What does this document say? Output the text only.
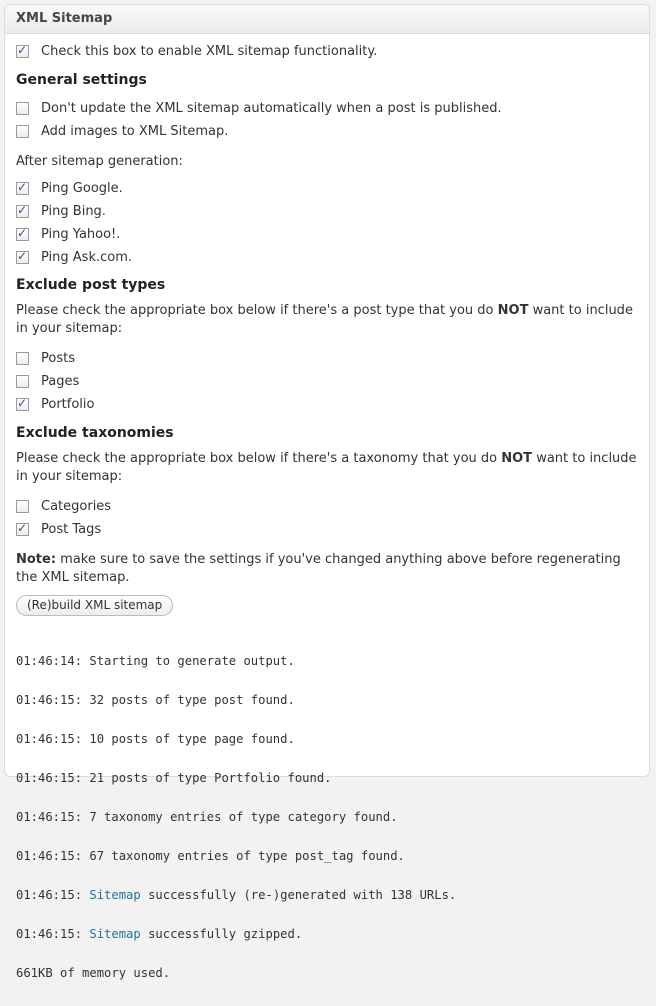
XML Sitemap
✓
Check this box to enable XML sitemap functionality.
General settings
Don't update the XML sitemap automatically when a post is published.
Add images to XML Sitemap.

After sitemap generation:

✓
Ping Google.
✓
Ping Bing.
✓
Ping Yahoo!.
✓
Ping Ask.com.
Exclude post types

Please check the appropriate box below if there's a post type that you do NOT want to include in your sitemap:

Posts
Pages
✓
Portfolio
Exclude taxonomies

Please check the appropriate box below if there's a taxonomy that you do NOT want to include in your sitemap:

Categories
✓
Post Tags

Note: make sure to save the settings if you've changed anything above before regenerating the XML sitemap.

(Re)build XML sitemap

01:46:14: Starting to generate output.

01:46:15: 32 posts of type post found.

01:46:15: 10 posts of type page found.

01:46:15: 21 posts of type Portfolio found.

01:46:15: 7 taxonomy entries of type category found.

01:46:15: 67 taxonomy entries of type post_tag found.

01:46:15: Sitemap successfully (re-)generated with 138 URLs.

01:46:15: Sitemap successfully gzipped.

661KB of memory used.
